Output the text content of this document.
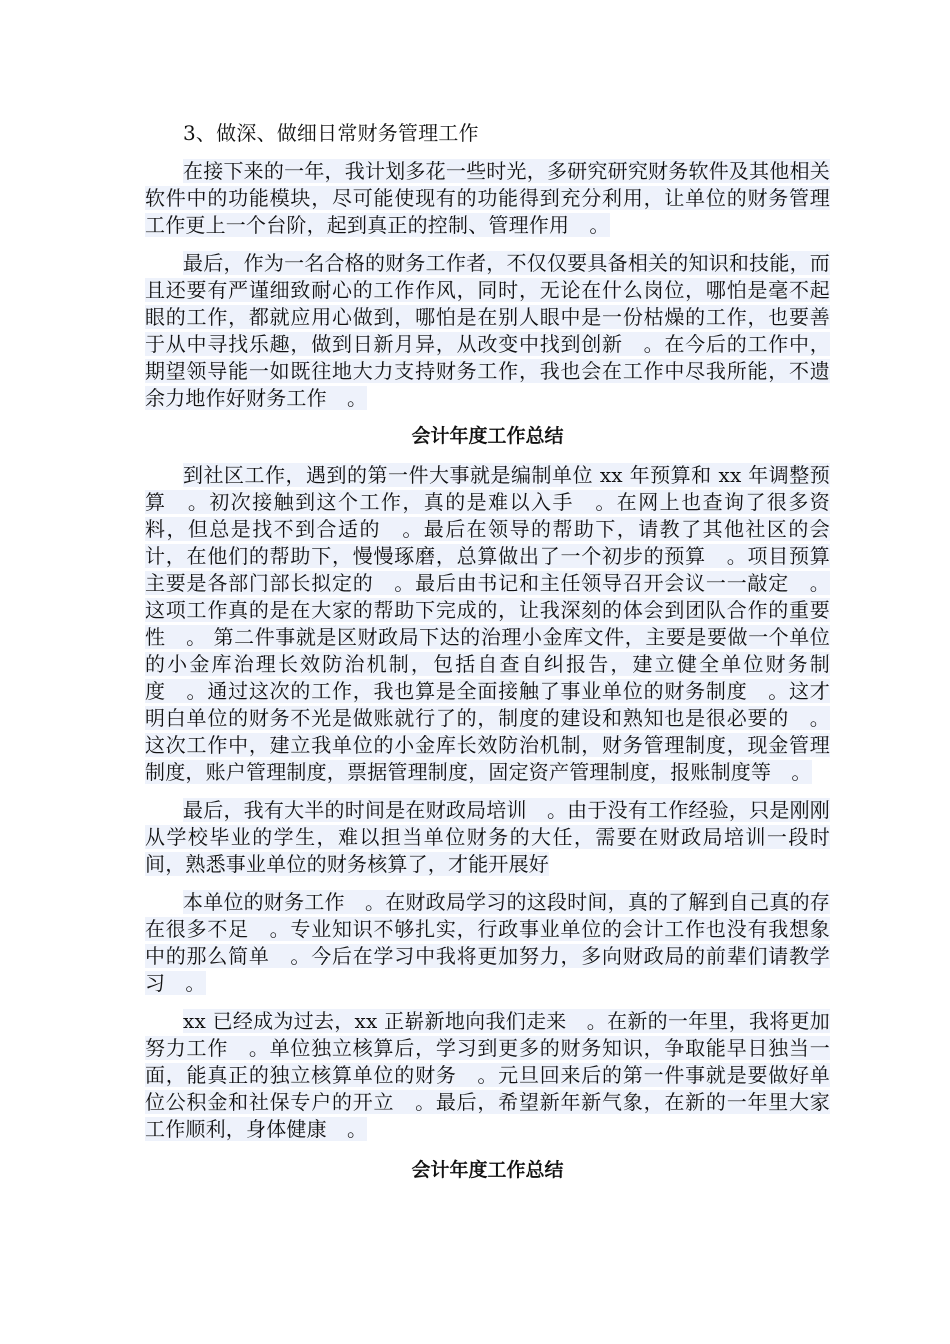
3、做深、做细日常财务管理工作

在接下来的一年，我计划多花一些时光，多研究研究财务软件及其他相关软件中的功能模块，尽可能使现有的功能得到充分利用，让单位的财务管理工作更上一个台阶，起到真正的控制、管理作用　。

最后，作为一名合格的财务工作者，不仅仅要具备相关的知识和技能，而且还要有严谨细致耐心的工作作风，同时，无论在什么岗位，哪怕是毫不起眼的工作，都就应用心做到，哪怕是在别人眼中是一份枯燥的工作，也要善于从中寻找乐趣，做到日新月异，从改变中找到创新　。在今后的工作中，期望领导能一如既往地大力支持财务工作，我也会在工作中尽我所能，不遗余力地作好财务工作　。

会计年度工作总结

到社区工作，遇到的第一件大事就是编制单位 xx 年预算和 xx 年调整预算　。初次接触到这个工作，真的是难以入手　。在网上也查询了很多资料，但总是找不到合适的　。最后在领导的帮助下，请教了其他社区的会计，在他们的帮助下，慢慢琢磨，总算做出了一个初步的预算　。项目预算主要是各部门部长拟定的　。最后由书记和主任领导召开会议一一敲定　。这项工作真的是在大家的帮助下完成的，让我深刻的体会到团队合作的重要性　。 第二件事就是区财政局下达的治理小金库文件，主要是要做一个单位的小金库治理长效防治机制，包括自查自纠报告，建立健全单位财务制度　。通过这次的工作，我也算是全面接触了事业单位的财务制度　。这才明白单位的财务不光是做账就行了的，制度的建设和熟知也是很必要的　。这次工作中，建立我单位的小金库长效防治机制，财务管理制度，现金管理制度，账户管理制度，票据管理制度，固定资产管理制度，报账制度等　。

最后，我有大半的时间是在财政局培训　。由于没有工作经验，只是刚刚从学校毕业的学生，难以担当单位财务的大任，需要在财政局培训一段时间，熟悉事业单位的财务核算了，才能开展好

本单位的财务工作　。在财政局学习的这段时间，真的了解到自己真的存在很多不足　。专业知识不够扎实，行政事业单位的会计工作也没有我想象中的那么简单　。今后在学习中我将更加努力，多向财政局的前辈们请教学习　。

xx 已经成为过去，xx 正崭新地向我们走来　。在新的一年里，我将更加努力工作　。单位独立核算后，学习到更多的财务知识，争取能早日独当一面，能真正的独立核算单位的财务　。元旦回来后的第一件事就是要做好单位公积金和社保专户的开立　。最后，希望新年新气象，在新的一年里大家工作顺利，身体健康　。

会计年度工作总结
